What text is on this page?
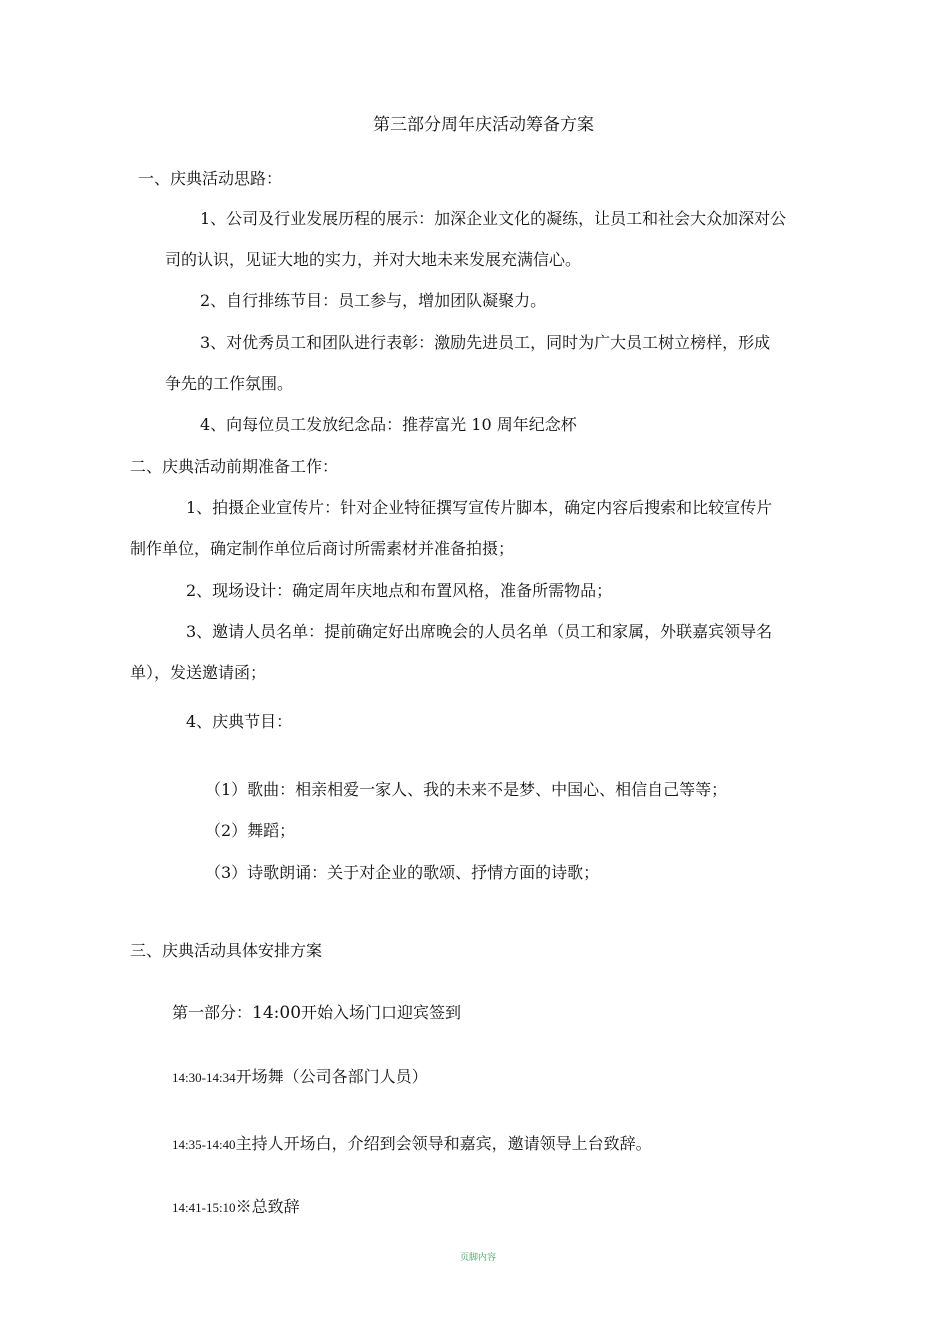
第三部分周年庆活动筹备方案
一、庆典活动思路：
1、公司及行业发展历程的展示：加深企业文化的凝练，让员工和社会大众加深对公
司的认识，见证大地的实力，并对大地未来发展充满信心。
2、自行排练节目：员工参与，增加团队凝聚力。
3、对优秀员工和团队进行表彰：激励先进员工，同时为广大员工树立榜样，形成
争先的工作氛围。
4、向每位员工发放纪念品：推荐富光 10 周年纪念杯
二、庆典活动前期准备工作：
1、拍摄企业宣传片：针对企业特征撰写宣传片脚本，确定内容后搜索和比较宣传片
制作单位，确定制作单位后商讨所需素材并准备拍摄；
2、现场设计：确定周年庆地点和布置风格，准备所需物品；
3、邀请人员名单：提前确定好出席晚会的人员名单（员工和家属，外联嘉宾领导名
单），发送邀请函；
4、庆典节目：
（1）歌曲：相亲相爱一家人、我的未来不是梦、中国心、相信自己等等；
（2）舞蹈；
（3）诗歌朗诵：关于对企业的歌颂、抒情方面的诗歌；
三、庆典活动具体安排方案
第一部分：14:00开始入场门口迎宾签到
14:30-14:34开场舞（公司各部门人员）
14:35-14:40主持人开场白，介绍到会领导和嘉宾，邀请领导上台致辞。
14:41-15:10※总致辞
页脚内容
